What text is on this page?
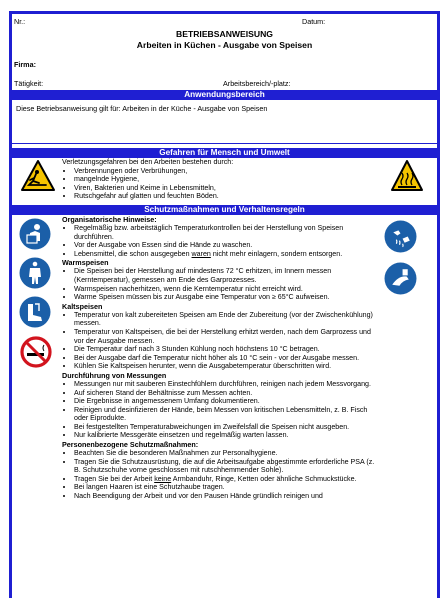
Nr.:	Datum:
BETRIEBSANWEISUNG
Arbeiten in Küchen - Ausgabe von Speisen
Firma:
Tätigkeit:	Arbeitsbereich/-platz:
Anwendungsbereich
Diese Betriebsanweisung gilt für: Arbeiten in der Küche - Ausgabe von Speisen
Gefahren für Mensch und Umwelt
Verletzungsgefahren bei den Arbeiten bestehen durch:
• Verbrennungen oder Verbrühungen,
• mangelnde Hygiene,
• Viren, Bakterien und Keime in Lebensmitteln,
• Rutschgefahr auf glatten und feuchten Böden.
Schutzmaßnahmen und Verhaltensregeln
Organisatorische Hinweise:
• Regelmäßig bzw. arbeitstäglich Temperaturkontrollen bei der Herstellung von Speisen durchführen.
• Vor der Ausgabe von Essen sind die Hände zu waschen.
• Lebensmittel, die schon ausgegeben waren nicht mehr einlagern, sondern entsorgen.
Warmspeisen
• Die Speisen bei der Herstellung auf mindestens 72 °C erhitzen, im Innern messen (Kerntemperatur), gemessen am Ende des Garprozesses.
• Warmspeisen nacherhitzen, wenn die Kerntemperatur nicht erreicht wird.
• Warme Speisen müssen bis zur Ausgabe eine Temperatur von ≥ 65°C aufweisen.
Kaltspeisen
• Temperatur von kalt zubereiteten Speisen am Ende der Zubereitung (vor der Zwischenkühlung) messen.
• Temperatur von Kaltspeisen, die bei der Herstellung erhitzt werden, nach dem Garprozess und vor der Ausgabe messen.
• Die Temperatur darf nach 3 Stunden Kühlung noch höchstens 10 °C betragen.
• Bei der Ausgabe darf die Temperatur nicht höher als 10 °C sein - vor der Ausgabe messen.
• Kühlen Sie Kaltspeisen herunter, wenn die Ausgabetemperatur überschritten wird.
Durchführung von Messungen
• Messungen nur mit sauberen Einstechfühlern durchführen, reinigen nach jedem Messvorgang.
• Auf sicheren Stand der Behältnisse zum Messen achten.
• Die Ergebnisse in angemessenem Umfang dokumentieren.
• Reinigen und desinfizieren der Hände, beim Messen von kritischen Lebensmitteln, z. B. Fisch oder Eiprodukte.
• Bei festgestellten Temperaturabweichungen im Zweifelsfall die Speisen nicht ausgeben.
• Nur kalibrierte Messgeräte einsetzen und regelmäßig warten lassen.
Personenbezogene Schutzmaßnahmen:
• Beachten Sie die besonderen Maßnahmen zur Personalhygiene.
• Tragen Sie die Schutzausrüstung, die auf die Arbeitsaufgabe abgestimmte erforderliche PSA (z. B. Schutzschuhe vorne geschlossen mit rutschhemmender Sohle).
• Tragen Sie bei der Arbeit keine Armbanduhr, Ringe, Ketten oder ähnliche Schmuckstücke.
• Bei langen Haaren ist eine Schutzhaube tragen.
• Nach Beendigung der Arbeit und vor den Pausen Hände gründlich reinigen und
